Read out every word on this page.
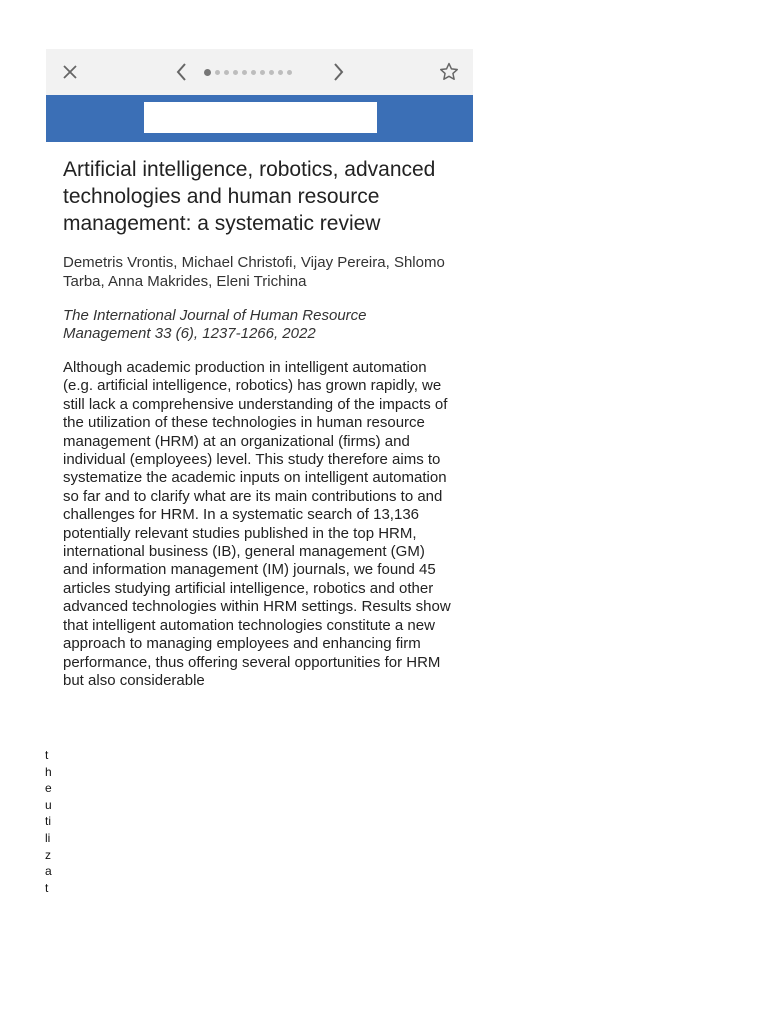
Artificial intelligence, robotics, advanced technologies and human resource management: a systematic review

Demetris Vrontis, Michael Christofi, Vijay Pereira, Shlomo Tarba, Anna Makrides, Eleni Trichina

The International Journal of Human Resource Management 33 (6), 1237-1266, 2022

Although academic production in intelligent automation (e.g. artificial intelligence, robotics) has grown rapidly, we still lack a comprehensive understanding of the impacts of the utilization of these technologies in human resource management (HRM) at an organizational (firms) and individual (employees) level. This study therefore aims to systematize the academic inputs on intelligent automation so far and to clarify what are its main contributions to and challenges for HRM. In a systematic search of 13,136 potentially relevant studies published in the top HRM, international business (IB), general management (GM) and information management (IM) journals, we found 45 articles studying artificial intelligence, robotics and other advanced technologies within HRM settings. Results show that intelligent automation technologies constitute a new approach to managing employees and enhancing firm performance, thus offering several opportunities for HRM but also considerable

theutilizat
